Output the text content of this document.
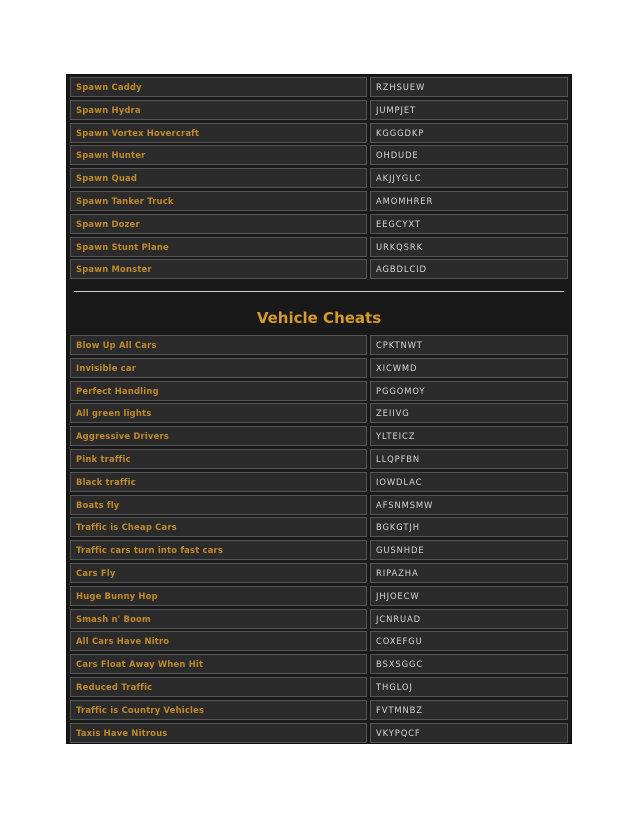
Spawn Caddy	RZHSUEW
Spawn Hydra	JUMPJET
Spawn Vortex Hovercraft	KGGGDKP
Spawn Hunter	OHDUDE
Spawn Quad	AKJJYGLC
Spawn Tanker Truck	AMOMHRER
Spawn Dozer	EEGCYXT
Spawn Stunt Plane	URKQSRK
Spawn Monster	AGBDLCID
Vehicle Cheats
Blow Up All Cars	CPKTNWT
Invisible car	XICWMD
Perfect Handling	PGGOMOY
All green lights	ZEIIVG
Aggressive Drivers	YLTEICZ
Pink traffic	LLQPFBN
Black traffic	IOWDLAC
Boats fly	AFSNMSMW
Traffic is Cheap Cars	BGKGTJH
Traffic cars turn into fast cars	GUSNHDE
Cars Fly	RIPAZHA
Huge Bunny Hop	JHJOECW
Smash n' Boom	JCNRUAD
All Cars Have Nitro	COXEFGU
Cars Float Away When Hit	BSXSGGC
Reduced Traffic	THGLOJ
Traffic is Country Vehicles	FVTMNBZ
Taxis Have Nitrous	VKYPQCF
